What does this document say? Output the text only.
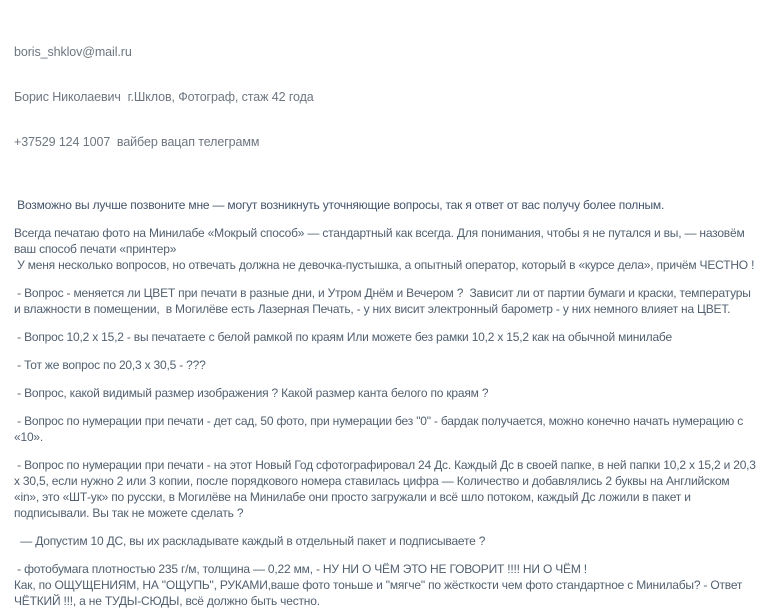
boris_shklov@mail.ru

Борис Николаевич  г.Шклов, Фотограф, стаж 42 года

+37529 124 1007  вайбер вацап телеграмм

Возможно вы лучше позвоните мне — могут возникнуть уточняющие вопросы, так я ответ от вас получу более полным.

Всегда печатаю фото на Минилабе «Мокрый способ» — стандартный как всегда. Для понимания, чтобы я не путался и вы, — назовём ваш способ печати «принтер»
У меня несколько вопросов, но отвечать должна не девочка-пустышка, а опытный оператор, который в «курсе дела», причём ЧЕСТНО !

- Вопрос - меняется ли ЦВЕТ при печати в разные дни, и Утром Днём и Вечером ?  Зависит ли от партии бумаги и краски, температуры и влажности в помещении,  в Могилёве есть Лазерная Печать, - у них висит электронный барометр - у них немного влияет на ЦВЕТ.

- Вопрос 10,2 х 15,2 - вы печатаете с белой рамкой по краям Или можете без рамки 10,2 х 15,2 как на обычной минилабе

- Тот же вопрос по 20,3 х 30,5 - ???

- Вопрос, какой видимый размер изображения ? Какой размер канта белого по краям ?

- Вопрос по нумерации при печати - дет сад, 50 фото, при нумерации без "0" - бардак получается, можно конечно начать нумерацию с «10».

- Вопрос по нумерации при печати - на этот Новый Год сфотографировал 24 Дс. Каждый Дс в своей папке, в ней папки 10,2 х 15,2 и 20,3 х 30,5, если нужно 2 или 3 копии, после порядкового номера ставилась цифра — Количество и добавлялись 2 буквы на Английском «in», это «ШТ-ук» по русски, в Могилёве на Минилабе они просто загружали и всё шло потоком, каждый Дс ложили в пакет и подписывали. Вы так не можете сделать ?

— Допустим 10 ДС, вы их раскладывате каждый в отдельный пакет и подписываете ?

- фотобумага плотностью 235 г/м, толщина — 0,22 мм, - НУ НИ О ЧЁМ ЭТО НЕ ГОВОРИТ !!!! НИ О ЧЁМ !
Как, по ОЩУЩЕНИЯМ, НА "ОЩУПЬ", РУКАМИ,ваше фото тоньше и "мягче" по жёсткости чем фото стандартное с Минилабы? - Ответ ЧЁТКИЙ !!!, а не ТУДЫ-СЮДЫ, всё должно быть честно.
